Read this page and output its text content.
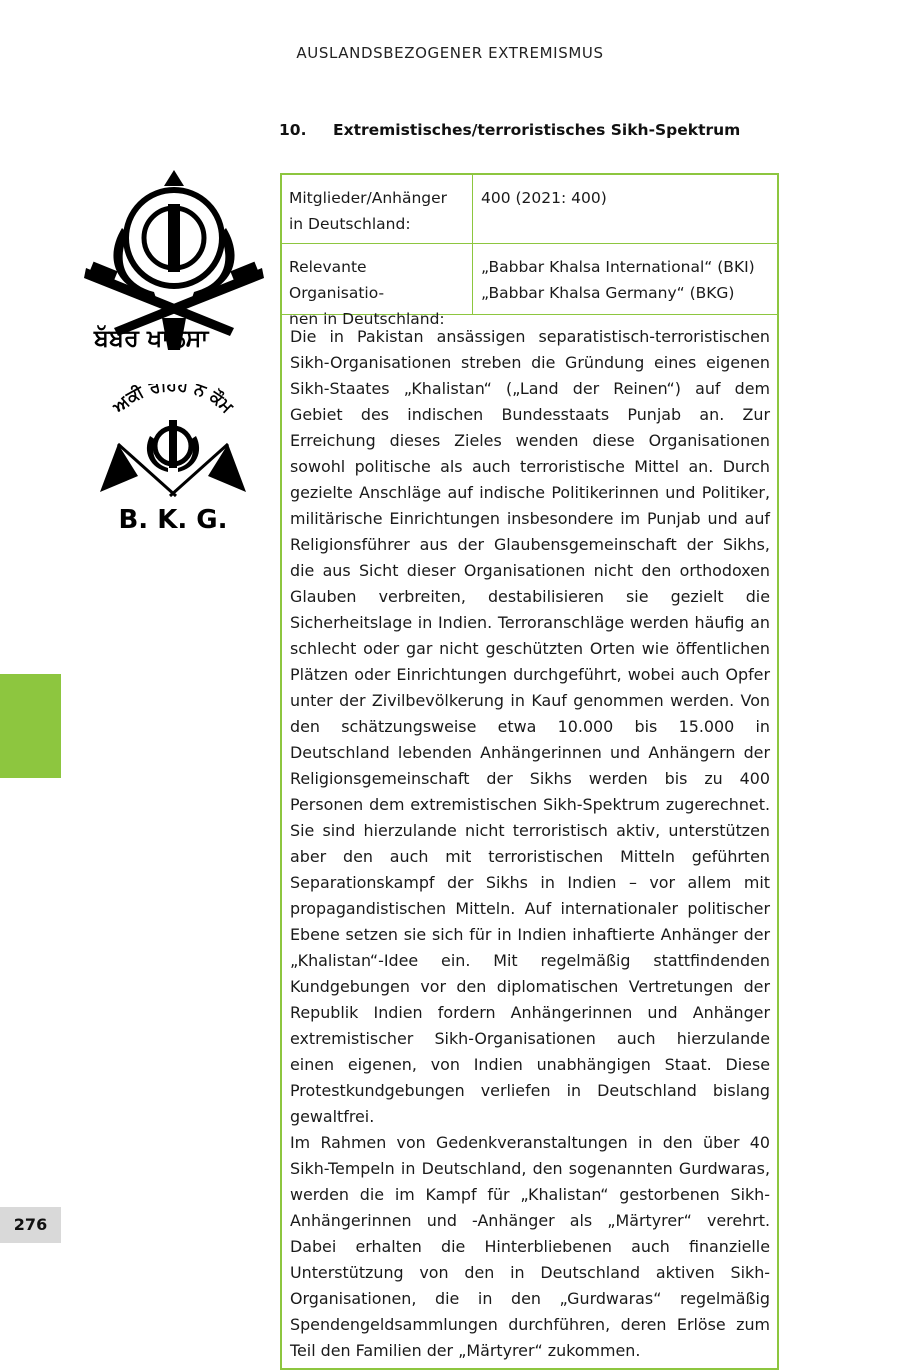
AUSLANDSBEZOGENER EXTREMISMUS
10. Extremistisches/terroristisches Sikh-Spektrum
ਬੱਬਰ ਖਾਲਸਾ
ਅਕੀ ਰਹਿਹ ਨ ਕੌਮ
B. K. G.
Mitglieder/Anhänger
in Deutschland:
400 (2021: 400)
Relevante Organisatio-
nen in Deutschland:
„Babbar Khalsa International“ (BKI)
„Babbar Khalsa Germany“ (BKG)

Die in Pakistan ansässigen separatistisch-terroristischen Sikh-Organisationen streben die Gründung eines eigenen Sikh-Staates „Khalistan“ („Land der Reinen“) auf dem Gebiet des indischen Bundesstaats Punjab an. Zur Erreichung dieses Zieles wenden diese Organisationen sowohl politische als auch terroristische Mittel an. Durch gezielte Anschläge auf indische Politikerinnen und Politiker, militärische Einrichtungen insbesondere im Punjab und auf Religionsführer aus der Glaubensgemeinschaft der Sikhs, die aus Sicht dieser Organisationen nicht den orthodoxen Glauben verbreiten, destabilisieren sie gezielt die Sicherheitslage in Indien. Terroranschläge werden häufig an schlecht oder gar nicht geschützten Orten wie öffentlichen Plätzen oder Einrichtungen durchgeführt, wobei auch Opfer unter der Zivilbevölkerung in Kauf genommen werden. Von den schätzungsweise etwa 10.000 bis 15.000 in Deutschland lebenden Anhängerinnen und Anhängern der Religionsgemeinschaft der Sikhs werden bis zu 400 Personen dem extremistischen Sikh-Spektrum zugerechnet. Sie sind hierzulande nicht terroristisch aktiv, unterstützen aber den auch mit terroristischen Mitteln geführten Separationskampf der Sikhs in Indien – vor allem mit propagandistischen Mitteln. Auf internationaler politischer Ebene setzen sie sich für in Indien inhaftierte Anhänger der „Khalistan“-Idee ein. Mit regelmäßig stattfindenden Kundgebungen vor den diplomatischen Vertretungen der Republik Indien fordern Anhängerinnen und Anhänger extremistischer Sikh-Organisationen auch hierzulande einen eigenen, von Indien unabhängigen Staat. Diese Protestkundgebungen verliefen in Deutschland bislang gewaltfrei.

Im Rahmen von Gedenkveranstaltungen in den über 40 Sikh-Tempeln in Deutschland, den sogenannten Gurdwaras, werden die im Kampf für „Khalistan“ gestorbenen Sikh-Anhängerinnen und -Anhänger als „Märtyrer“ verehrt. Dabei erhalten die Hinterbliebenen auch finanzielle Unterstützung von den in Deutschland aktiven Sikh-Organisationen, die in den „Gurdwaras“ regelmäßig Spendengeldsammlungen durchführen, deren Erlöse zum Teil den Familien der „Märtyrer“ zukommen.

276
